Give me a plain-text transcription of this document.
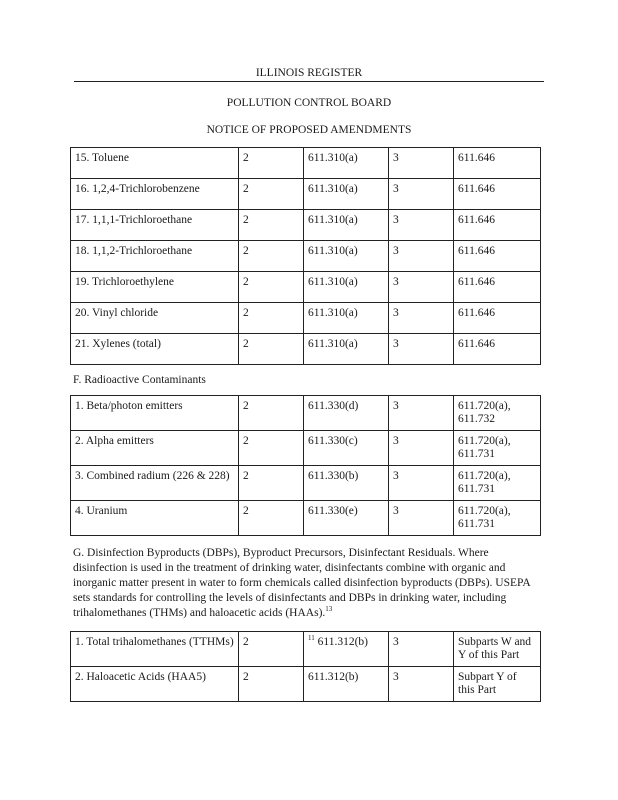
ILLINOIS REGISTER
POLLUTION CONTROL BOARD
NOTICE OF PROPOSED AMENDMENTS
15. Toluene	2	611.310(a)	3	611.646
16. 1,2,4-Trichlorobenzene	2	611.310(a)	3	611.646
17. 1,1,1-Trichloroethane	2	611.310(a)	3	611.646
18. 1,1,2-Trichloroethane	2	611.310(a)	3	611.646
19. Trichloroethylene	2	611.310(a)	3	611.646
20. Vinyl chloride	2	611.310(a)	3	611.646
21. Xylenes (total)	2	611.310(a)	3	611.646
F. Radioactive Contaminants
1. Beta/photon emitters	2	611.330(d)	3	611.720(a), 611.732
2. Alpha emitters	2	611.330(c)	3	611.720(a), 611.731
3. Combined radium (226 & 228)	2	611.330(b)	3	611.720(a), 611.731
4. Uranium	2	611.330(e)	3	611.720(a), 611.731
G. Disinfection Byproducts (DBPs), Byproduct Precursors, Disinfectant Residuals. Where disinfection is used in the treatment of drinking water, disinfectants combine with organic and inorganic matter present in water to form chemicals called disinfection byproducts (DBPs). USEPA sets standards for controlling the levels of disinfectants and DBPs in drinking water, including trihalomethanes (THMs) and haloacetic acids (HAAs).$^{13}$
1. Total trihalomethanes (TTHMs)	2	$^{11}$ 611.312(b)	3	Subparts W and Y of this Part
2. Haloacetic Acids (HAA5)	2	611.312(b)	3	Subpart Y of this Part
